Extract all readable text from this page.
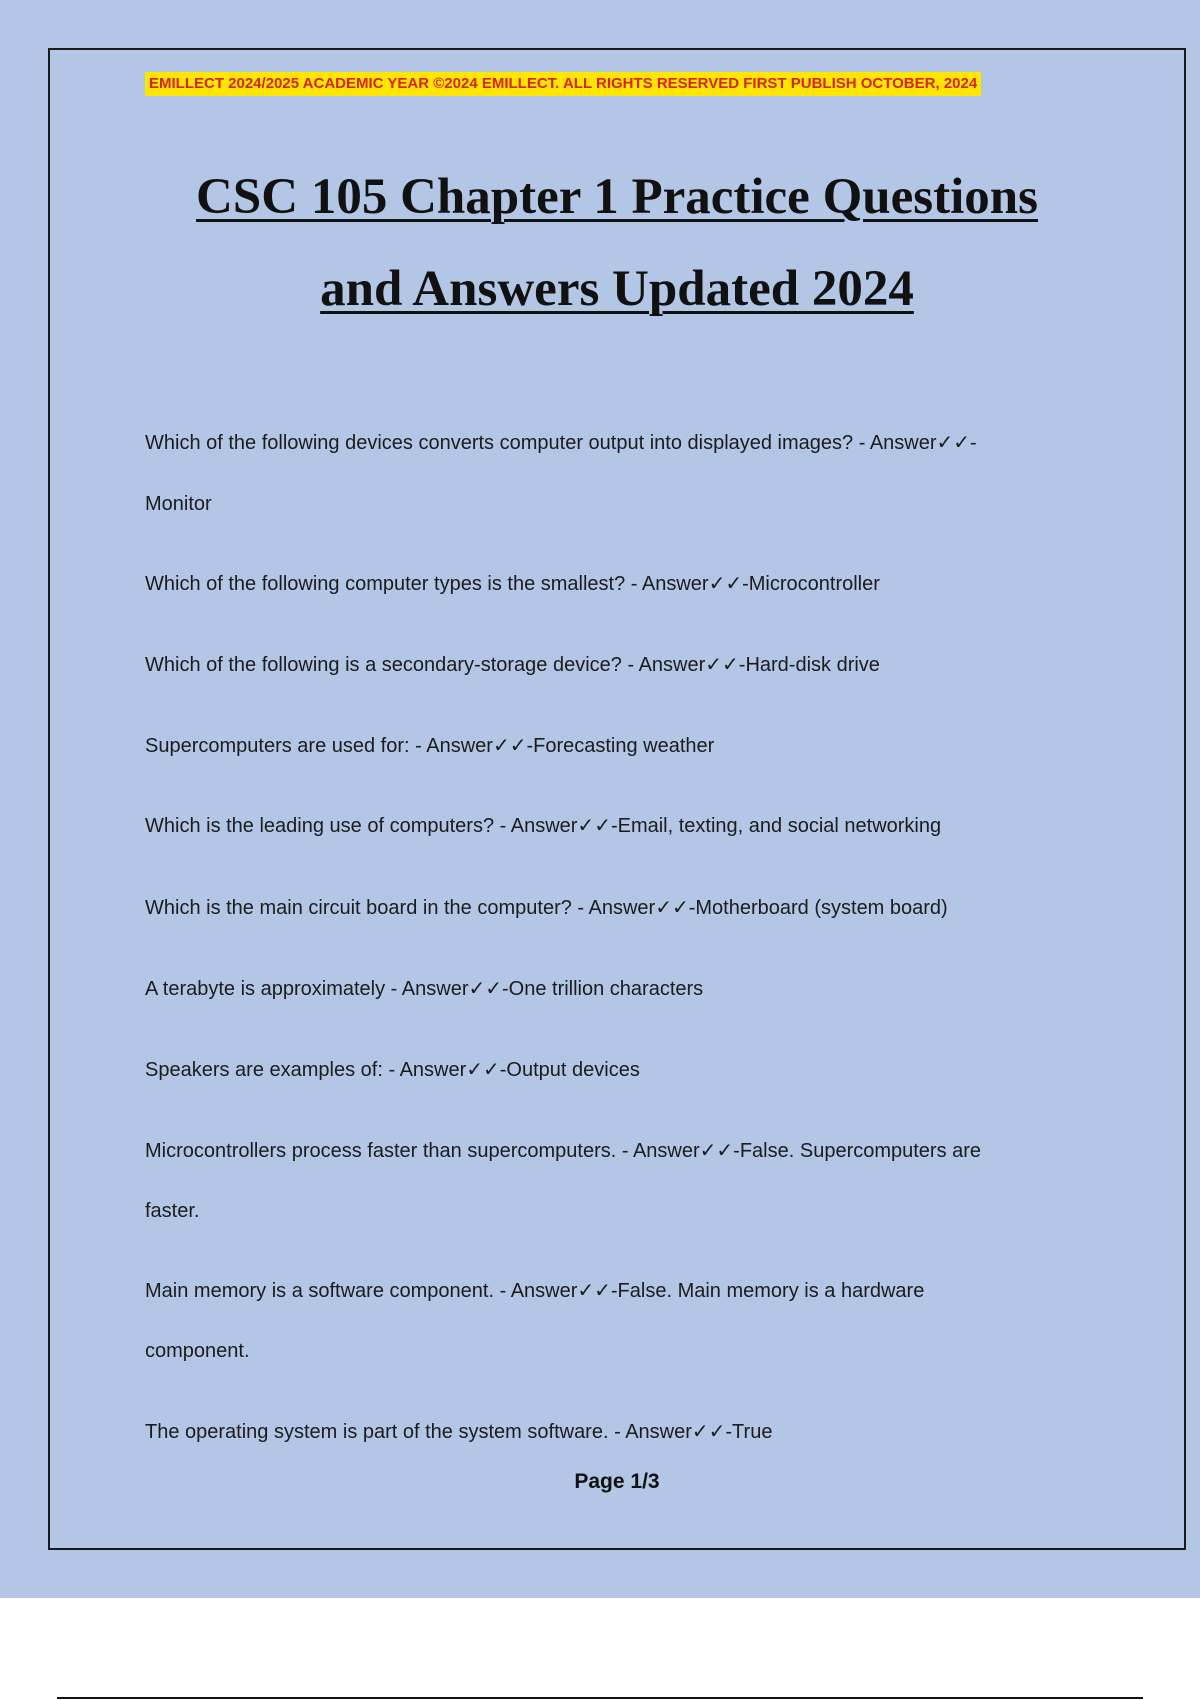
EMILLECT 2024/2025 ACADEMIC YEAR ©2024 EMILLECT. ALL RIGHTS RESERVED FIRST PUBLISH OCTOBER, 2024
CSC 105 Chapter 1 Practice Questions
and Answers Updated 2024
Which of the following devices converts computer output into displayed images? - Answer✓✓-
Monitor
Which of the following computer types is the smallest? - Answer✓✓-Microcontroller
Which of the following is a secondary-storage device? - Answer✓✓-Hard-disk drive
Supercomputers are used for: - Answer✓✓-Forecasting weather
Which is the leading use of computers? - Answer✓✓-Email, texting, and social networking
Which is the main circuit board in the computer? - Answer✓✓-Motherboard (system board)
A terabyte is approximately - Answer✓✓-One trillion characters
Speakers are examples of: - Answer✓✓-Output devices
Microcontrollers process faster than supercomputers. - Answer✓✓-False. Supercomputers are
faster.
Main memory is a software component. - Answer✓✓-False. Main memory is a hardware
component.
The operating system is part of the system software. - Answer✓✓-True
Page 1/3
